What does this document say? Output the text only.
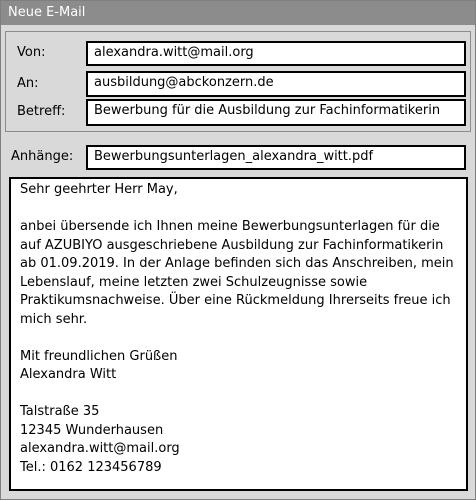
Neue E-Mail
Von:	alexandra.witt@mail.org
An:	ausbildung@abckonzern.de
Betreff:	Bewerbung für die Ausbildung zur Fachinformatikerin
Anhänge:	Bewerbungsunterlagen_alexandra_witt.pdf

Sehr geehrter Herr May,

anbei übersende ich Ihnen meine Bewerbungsunterlagen für die auf AZUBIYO ausgeschriebene Ausbildung zur Fachinformatikerin ab 01.09.2019. In der Anlage befinden sich das Anschreiben, mein Lebenslauf, meine letzten zwei Schulzeugnisse sowie Praktikumsnachweise. Über eine Rückmeldung Ihrerseits freue ich mich sehr.

Mit freundlichen Grüßen

Alexandra Witt

Talstraße 35

12345 Wunderhausen

alexandra.witt@mail.org

Tel.: 0162 123456789
